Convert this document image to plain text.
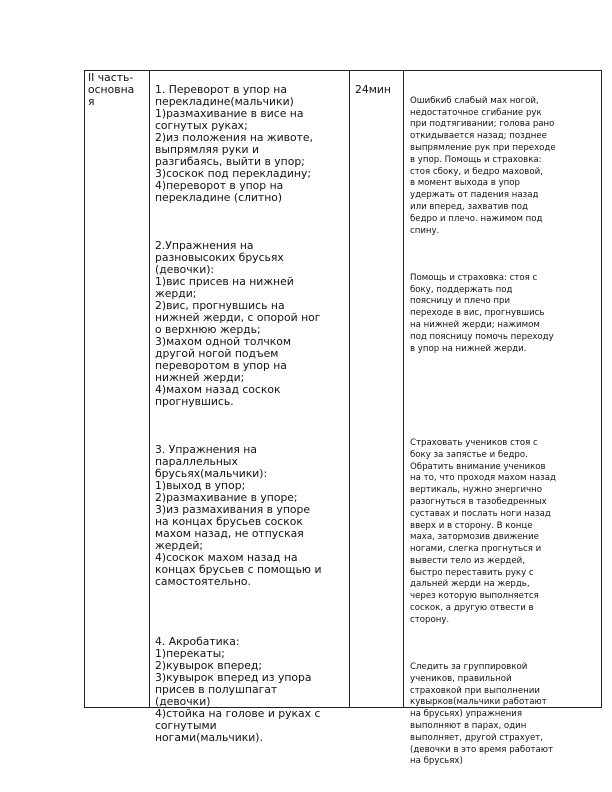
II часть-
основна
я

1. Переворот в упор на
перекладине(мальчики)
1)размахивание в висе на
согнутых руках;
2)из положения на животе,
выпрямляя руки и
разгибаясь, выйти в упор;
3)соскок под перекладину;
4)переворот в упор на
перекладине (слитно)

2.Упражнения на
разновысоких брусьях
(девочки):
1)вис присев на нижней
жерди;
2)вис, прогнувшись на
нижней жерди, с опорой ног
о верхнюю жердь;
3)махом одной толчком
другой ногой подъем
переворотом в упор на
нижней жерди;
4)махом назад соскок
прогнувшись.

3. Упражнения на
параллельных
брусьях(мальчики):
1)выход в упор;
2)размахивание в упоре;
3)из размахивания в упоре
на концах брусьев соскок
махом назад, не отпуская
жердей;
4)соскок махом назад на
концах брусьев с помощью и
самостоятельно.

4. Акробатика:
1)перекаты;
2)кувырок вперед;
3)кувырок вперед из упора
присев в полушпагат
(девочки)
4)стойка на голове и руках с
согнутыми
ногами(мальчики).

24мин

Ошибкиб слабый мах ногой,
недостаточное сгибание рук
при подтягивании; голова рано
откидывается назад; позднее
выпрямление рук при переходе
в упор. Помощь и страховка:
стоя сбоку, и бедро маховой,
в момент выхода в упор
удержать от падения назад
или вперед, захватив под
бедро и плечо. нажимом под
спину.

Помощь и страховка: стоя с
боку, поддержать под
поясницу и плечо при
переходе в вис, прогнувшись
на нижней жерди; нажимом
под поясницу помочь переходу
в упор на нижней жерди.

Страховать учеников стоя с
боку за запястье и бедро.
Обратить внимание учеников
на то, что проходя махом назад
вертикаль, нужно энергично
разогнуться в тазобедренных
суставах и послать ноги назад
вверх и в сторону. В конце
маха, затормозив движение
ногами, слегка прогнуться и
вывести тело из жердей,
быстро переставить руку с
дальней жерди на жердь,
через которую выполняется
соскок, а другую отвести в
сторону.

Следить за группировкой
учеников, правильной
страховкой при выполнении
кувырков(мальчики работают
на брусьях) упражнения
выполняют в парах, один
выполняет, другой страхует,
(девочки в это время работают
на брусьях)
